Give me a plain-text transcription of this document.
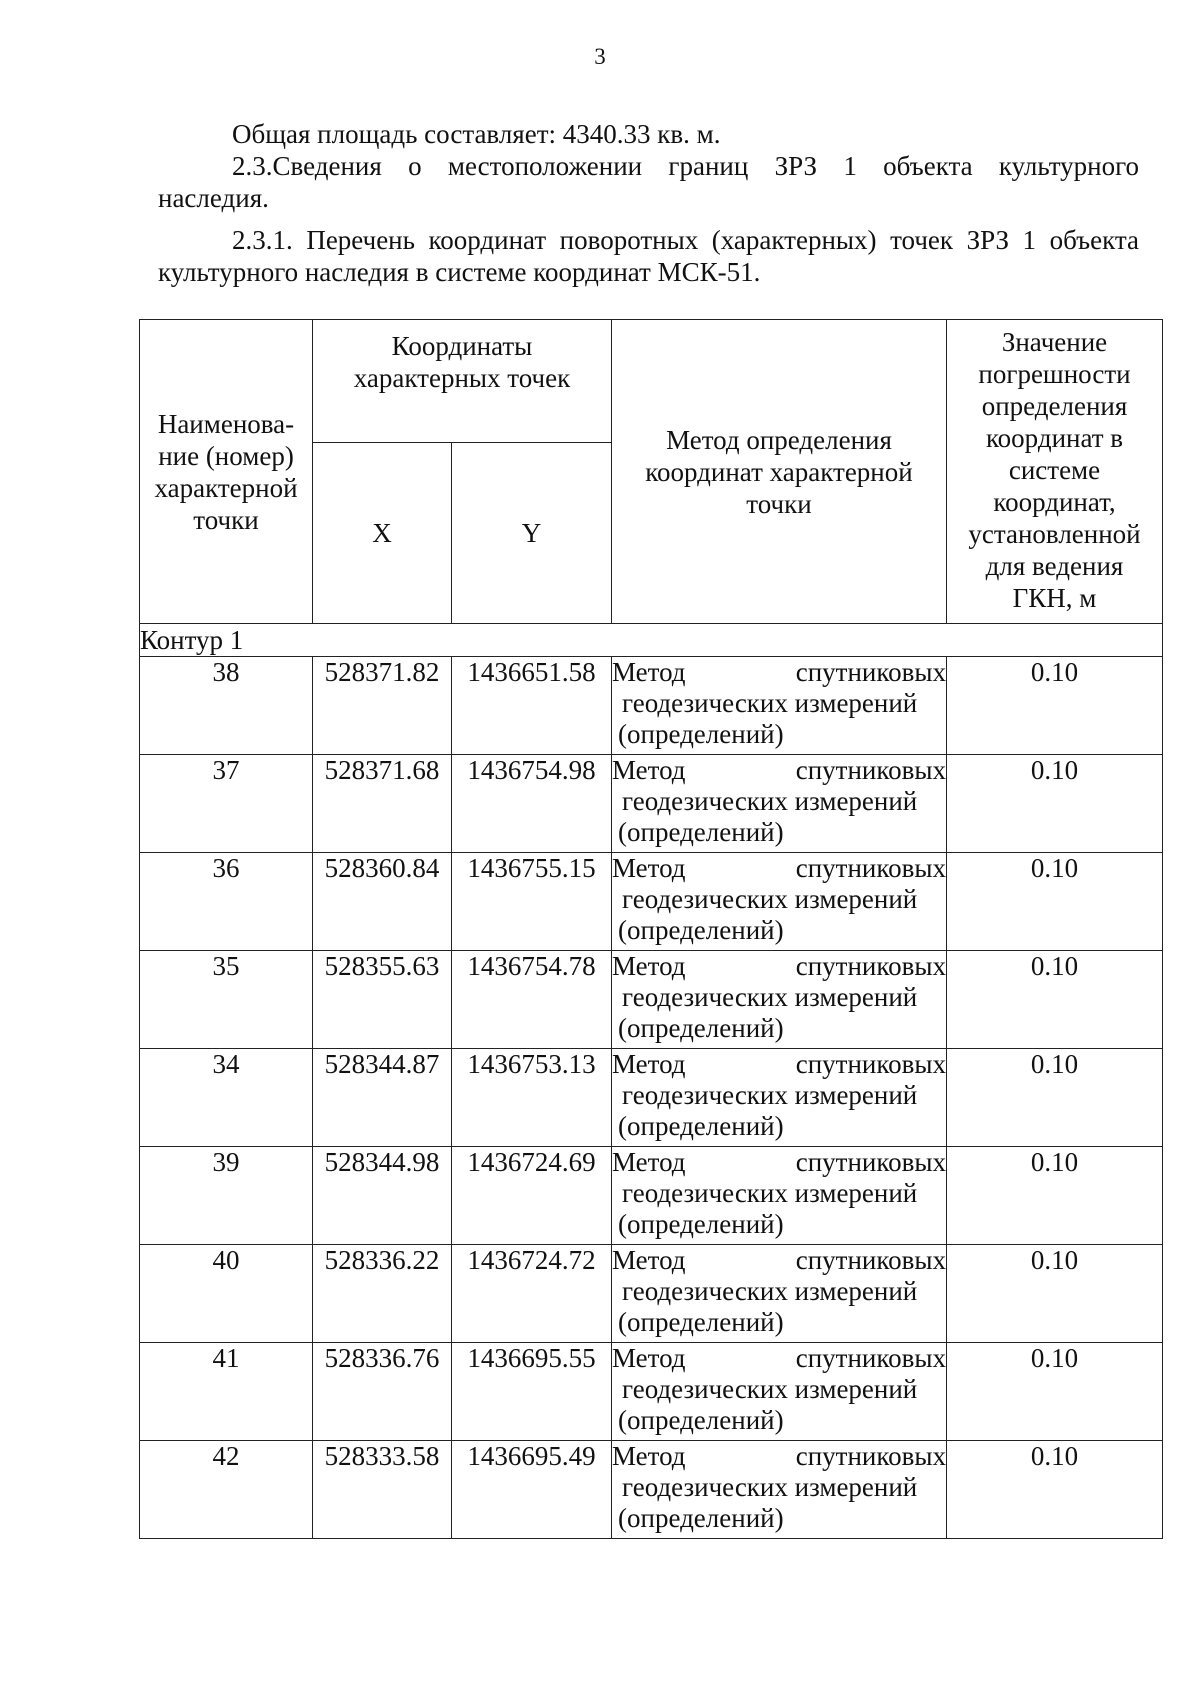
3
Общая площадь составляет: 4340.33 кв. м.
2.3.Сведения о местоположении границ ЗРЗ 1 объекта культурного
наследия.
2.3.1. Перечень координат поворотных (характерных) точек ЗРЗ 1 объекта
культурного наследия в системе координат МСК-51.
Наименова-ние (номер) характерной точки	Координаты характерных точек		Метод определения координат характерной точки	Значение погрешности определения координат в системе координат, установленной для ведения ГКН, м
	X	Y		
Контур 1				
38	528371.82	1436651.58	Метод спутниковых
геодезических измерений
(определений)	0.10
37	528371.68	1436754.98	Метод спутниковых
геодезических измерений
(определений)	0.10
36	528360.84	1436755.15	Метод спутниковых
геодезических измерений
(определений)	0.10
35	528355.63	1436754.78	Метод спутниковых
геодезических измерений
(определений)	0.10
34	528344.87	1436753.13	Метод спутниковых
геодезических измерений
(определений)	0.10
39	528344.98	1436724.69	Метод спутниковых
геодезических измерений
(определений)	0.10
40	528336.22	1436724.72	Метод спутниковых
геодезических измерений
(определений)	0.10
41	528336.76	1436695.55	Метод спутниковых
геодезических измерений
(определений)	0.10
42	528333.58	1436695.49	Метод спутниковых
геодезических измерений
(определений)	0.10
